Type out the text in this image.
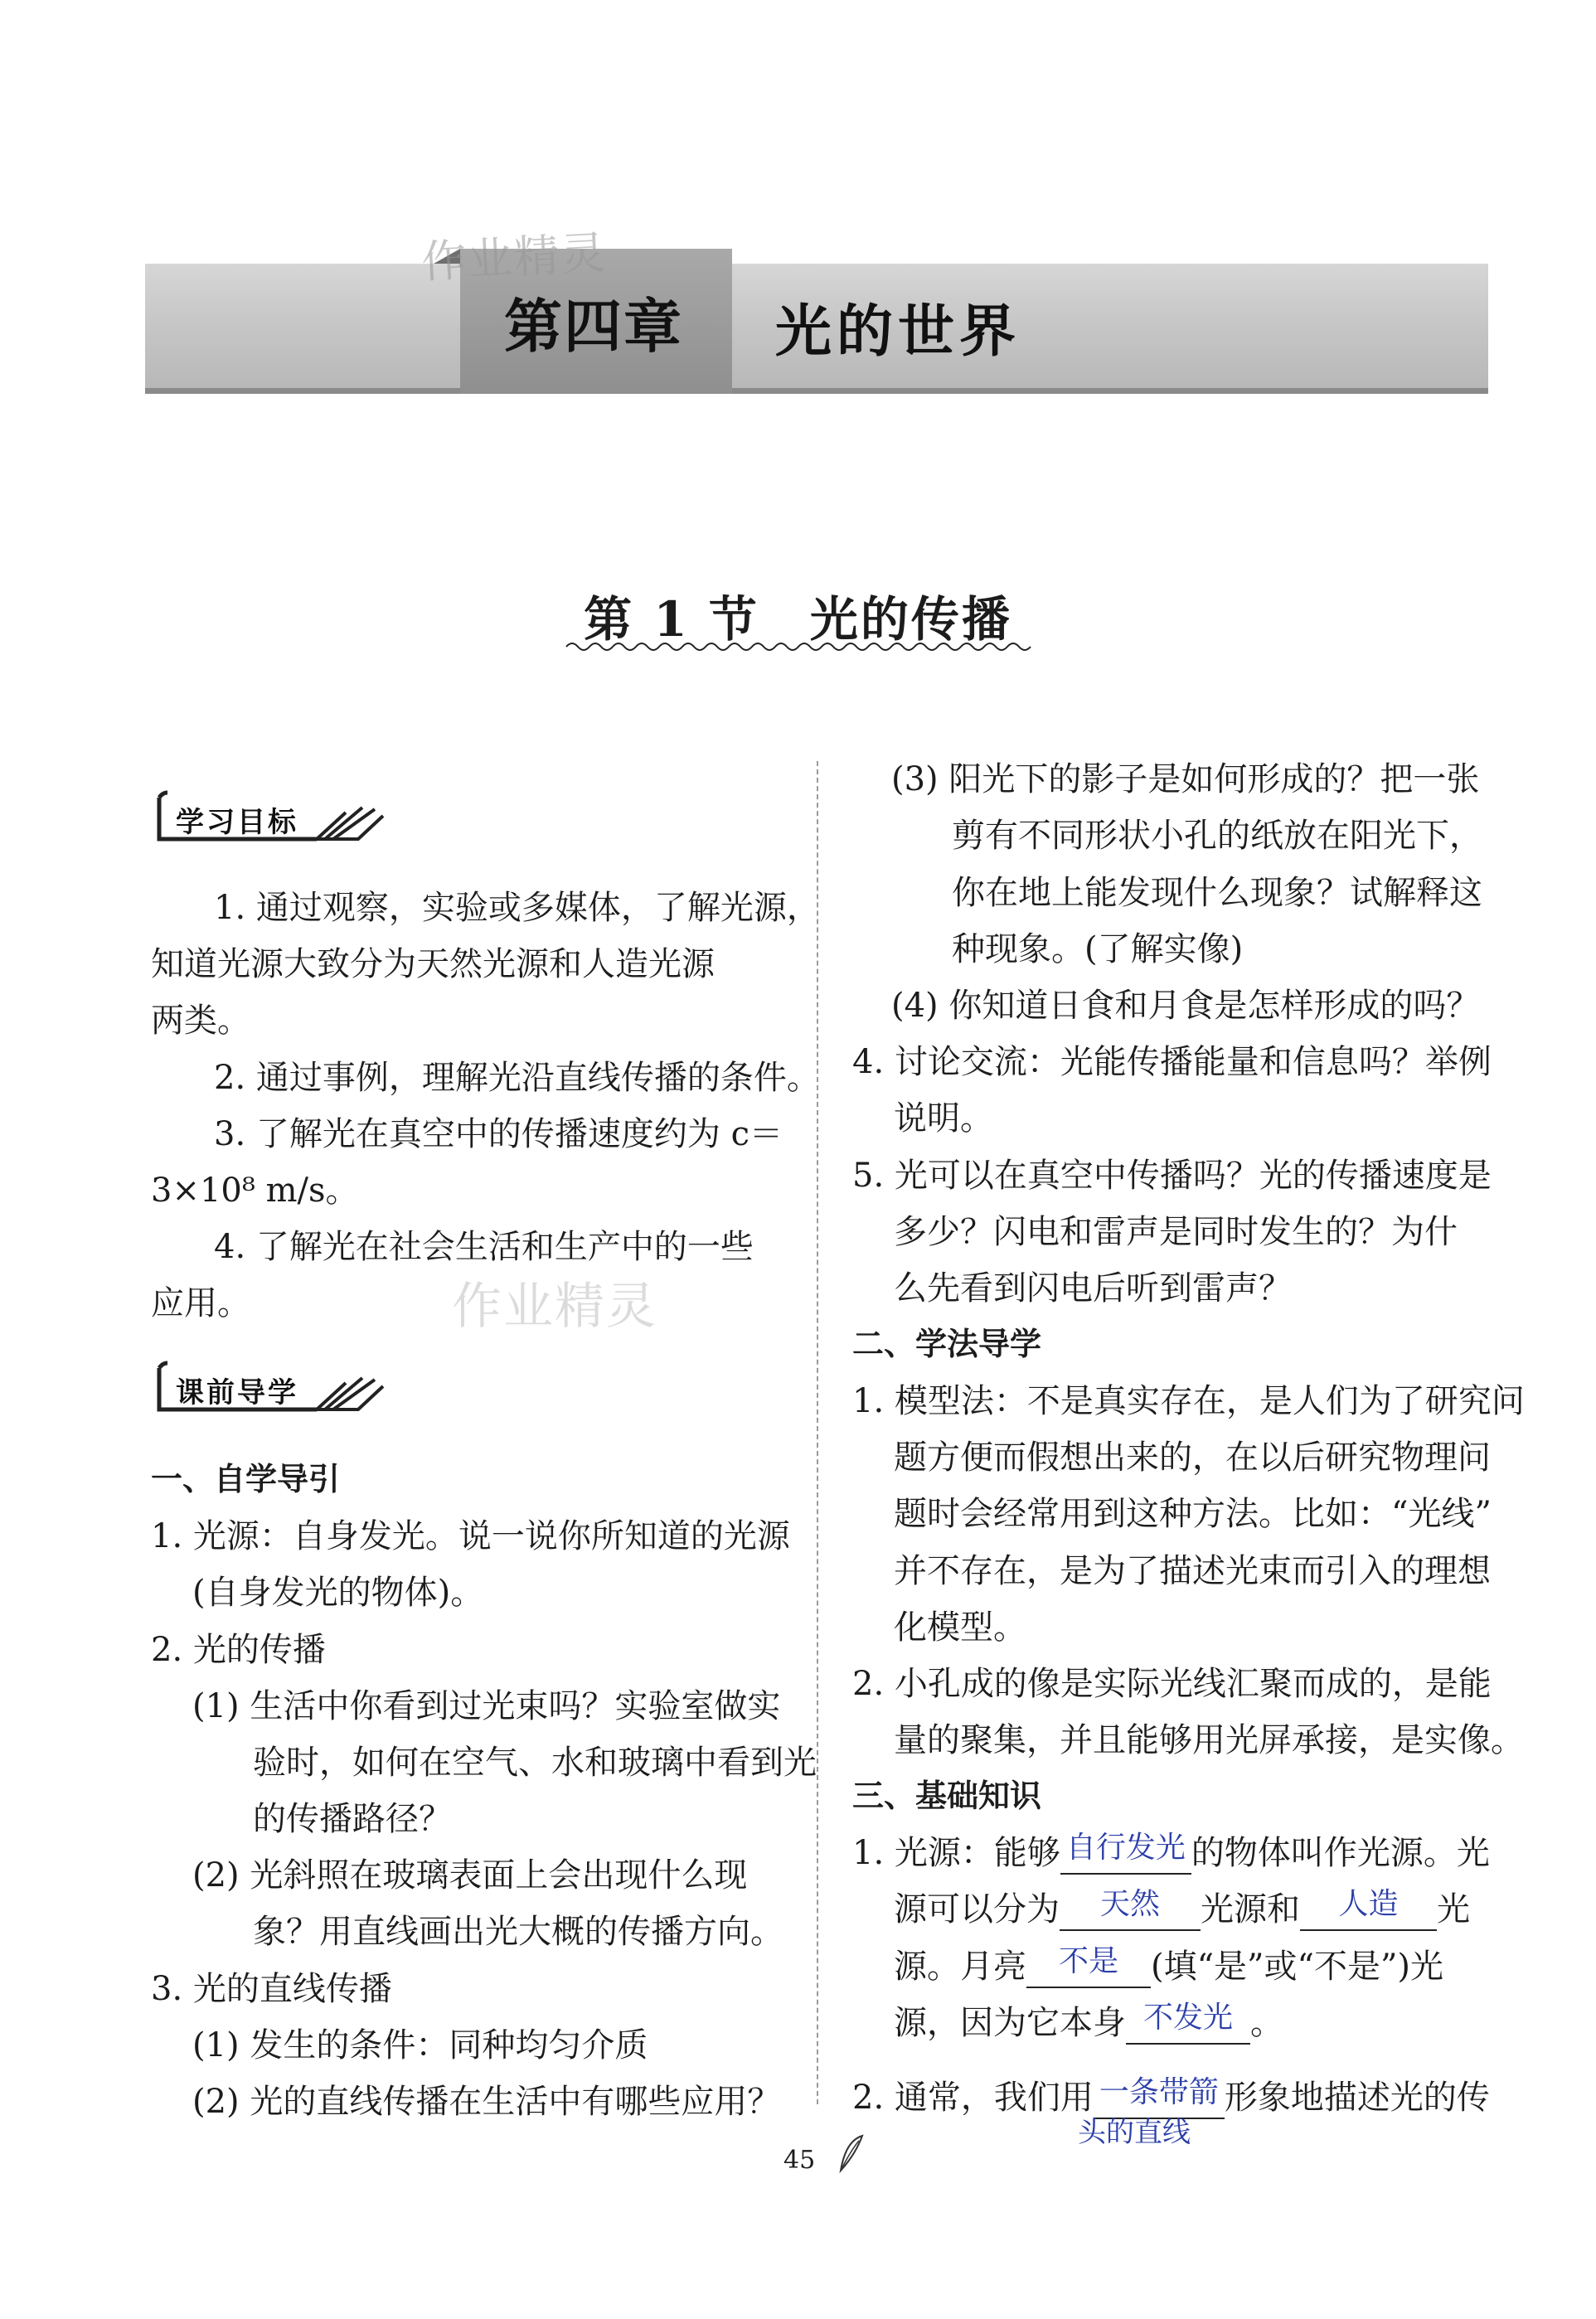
作业精灵
第四章 光的世界
第 1 节　光的传播
学习目标
1. 通过观察，实验或多媒体，了解光源，
知道光源大致分为天然光源和人造光源
两类。
2. 通过事例，理解光沿直线传播的条件。
3. 了解光在真空中的传播速度约为 c＝
3×10⁸ m/s。
4. 了解光在社会生活和生产中的一些
应用。	作业精灵
课前导学
一、自学导引
1. 光源：自身发光。说一说你所知道的光源
(自身发光的物体)。
2. 光的传播
(1) 生活中你看到过光束吗？实验室做实
验时，如何在空气、水和玻璃中看到光
的传播路径？
(2) 光斜照在玻璃表面上会出现什么现
象？用直线画出光大概的传播方向。
3. 光的直线传播
(1) 发生的条件：同种均匀介质
(2) 光的直线传播在生活中有哪些应用？
(3) 阳光下的影子是如何形成的？把一张
剪有不同形状小孔的纸放在阳光下，
你在地上能发现什么现象？试解释这
种现象。(了解实像)
(4) 你知道日食和月食是怎样形成的吗？
4. 讨论交流：光能传播能量和信息吗？举例
说明。
5. 光可以在真空中传播吗？光的传播速度是
多少？闪电和雷声是同时发生的？为什
么先看到闪电后听到雷声？
二、学法导学
1. 模型法：不是真实存在，是人们为了研究问
题方便而假想出来的，在以后研究物理问
题时会经常用到这种方法。比如：“光线”
并不存在，是为了描述光束而引入的理想
化模型。
2. 小孔成的像是实际光线汇聚而成的，是能
量的聚集，并且能够用光屏承接，是实像。
三、基础知识
1. 光源：能够 自行发光 的物体叫作光源。光
源可以分为	天然	光源和	人造	光
源。月亮	不是 (填“是”或“不是”)光
源，因为它本身 不发光 。
2. 通常，我们用 一条带箭 形象地描述光的传
头的直线
45
